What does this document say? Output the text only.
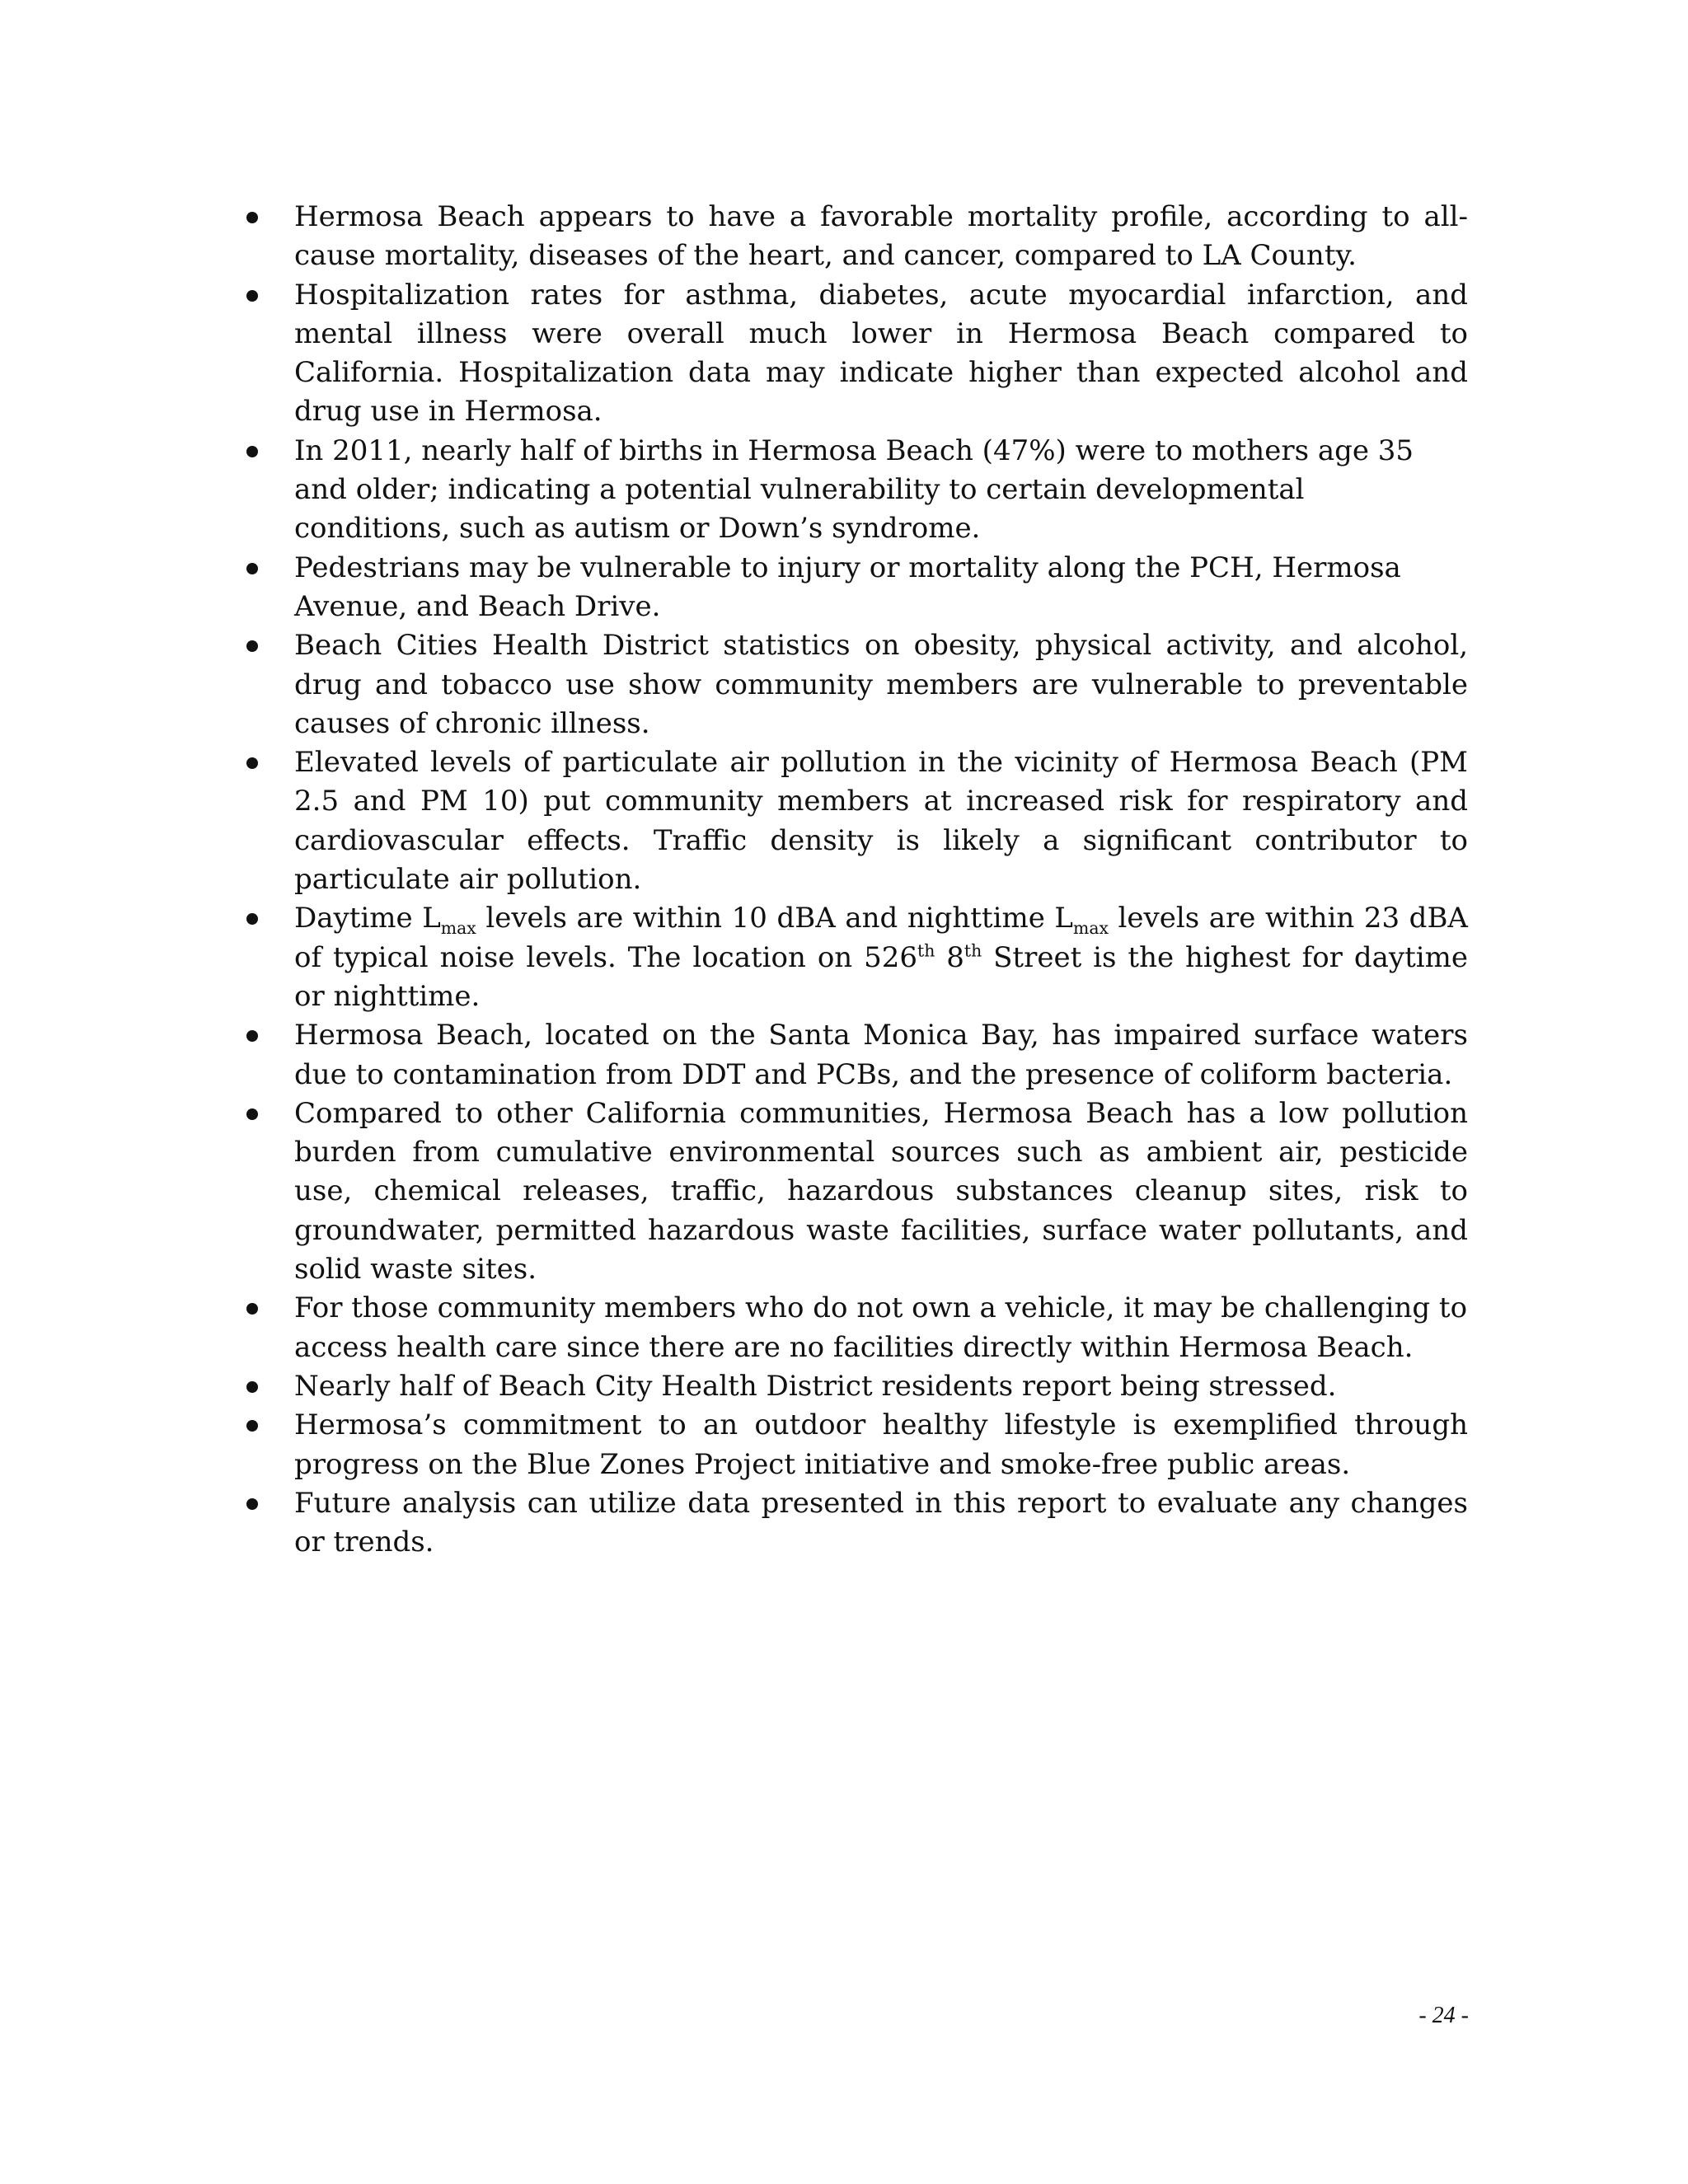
Hermosa Beach appears to have a favorable mortality profile, according to all-cause mortality, diseases of the heart, and cancer, compared to LA County.
Hospitalization rates for asthma, diabetes, acute myocardial infarction, and mental illness were overall much lower in Hermosa Beach compared to California. Hospitalization data may indicate higher than expected alcohol and drug use in Hermosa.
In 2011, nearly half of births in Hermosa Beach (47%) were to mothers age 35 and older; indicating a potential vulnerability to certain developmental conditions, such as autism or Down’s syndrome.
Pedestrians may be vulnerable to injury or mortality along the PCH, Hermosa Avenue, and Beach Drive.
Beach Cities Health District statistics on obesity, physical activity, and alcohol, drug and tobacco use show community members are vulnerable to preventable causes of chronic illness.
Elevated levels of particulate air pollution in the vicinity of Hermosa Beach (PM 2.5 and PM 10) put community members at increased risk for respiratory and cardiovascular effects. Traffic density is likely a significant contributor to particulate air pollution.
Daytime $L_{max}$ levels are within 10 dBA and nighttime $L_{max}$ levels are within 23 dBA of typical noise levels. The location on 526th 8th Street is the highest for daytime or nighttime.
Hermosa Beach, located on the Santa Monica Bay, has impaired surface waters due to contamination from DDT and PCBs, and the presence of coliform bacteria.
Compared to other California communities, Hermosa Beach has a low pollution burden from cumulative environmental sources such as ambient air, pesticide use, chemical releases, traffic, hazardous substances cleanup sites, risk to groundwater, permitted hazardous waste facilities, surface water pollutants, and solid waste sites.
For those community members who do not own a vehicle, it may be challenging to access health care since there are no facilities directly within Hermosa Beach.
Nearly half of Beach City Health District residents report being stressed.
Hermosa’s commitment to an outdoor healthy lifestyle is exemplified through progress on the Blue Zones Project initiative and smoke-free public areas.
Future analysis can utilize data presented in this report to evaluate any changes or trends.
- 24 -
